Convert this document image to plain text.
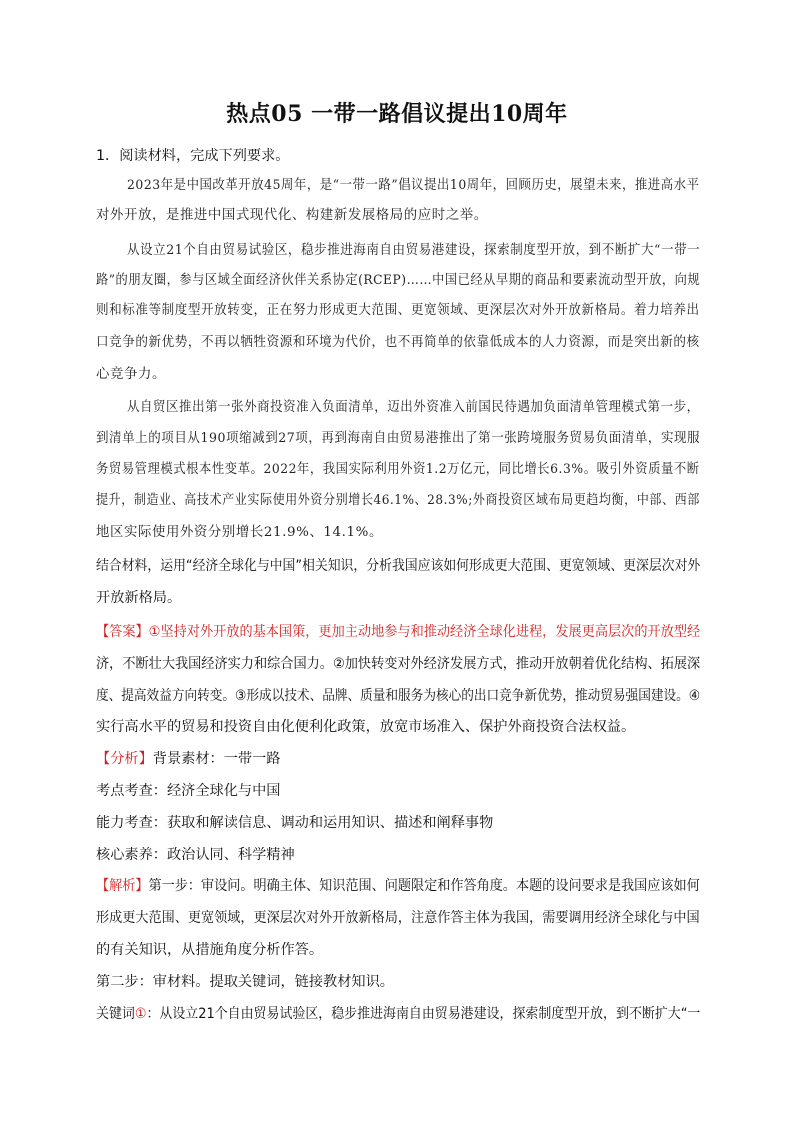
热点05 一带一路倡议提出10周年
1．阅读材料，完成下列要求。
2023年是中国改革开放45周年，是“一带一路”倡议提出10周年，回顾历史，展望未来，推进高水平
对外开放，是推进中国式现代化、构建新发展格局的应时之举。
从设立21个自由贸易试验区，稳步推进海南自由贸易港建设，探索制度型开放，到不断扩大“一带一
路”的朋友圈，参与区域全面经济伙伴关系协定(RCEP)……中国已经从早期的商品和要素流动型开放，向规
则和标准等制度型开放转变，正在努力形成更大范围、更宽领域、更深层次对外开放新格局。着力培养出
口竞争的新优势，不再以牺牲资源和环境为代价，也不再简单的依靠低成本的人力资源，而是突出新的核
心竞争力。
从自贸区推出第一张外商投资准入负面清单，迈出外资准入前国民待遇加负面清单管理模式第一步，
到清单上的项目从190项缩减到27项，再到海南自由贸易港推出了第一张跨境服务贸易负面清单，实现服
务贸易管理模式根本性变革。2022年，我国实际利用外资1.2万亿元，同比增长6.3%。吸引外资质量不断
提升，制造业、高技术产业实际使用外资分别增长46.1%、28.3%;外商投资区域布局更趋均衡，中部、西部
地区实际使用外资分别增长21.9%、14.1%。
结合材料，运用“经济全球化与中国”相关知识，分析我国应该如何形成更大范围、更宽领域、更深层次对外
开放新格局。
【答案】①坚持对外开放的基本国策，更加主动地参与和推动经济全球化进程，发展更高层次的开放型经
济，不断壮大我国经济实力和综合国力。②加快转变对外经济发展方式，推动开放朝着优化结构、拓展深
度、提高效益方向转变。③形成以技术、品牌、质量和服务为核心的出口竞争新优势，推动贸易强国建设。④
实行高水平的贸易和投资自由化便利化政策，放宽市场准入、保护外商投资合法权益。
【分析】背景素材：一带一路
考点考查：经济全球化与中国
能力考查：获取和解读信息、调动和运用知识、描述和阐释事物
核心素养：政治认同、科学精神
【解析】第一步：审设问。明确主体、知识范围、问题限定和作答角度。本题的设问要求是我国应该如何
形成更大范围、更宽领域，更深层次对外开放新格局，注意作答主体为我国，需要调用经济全球化与中国
的有关知识，从措施角度分析作答。
第二步：审材料。提取关键词，链接教材知识。
关键词①：从设立21个自由贸易试验区，稳步推进海南自由贸易港建设，探索制度型开放，到不断扩大“一
